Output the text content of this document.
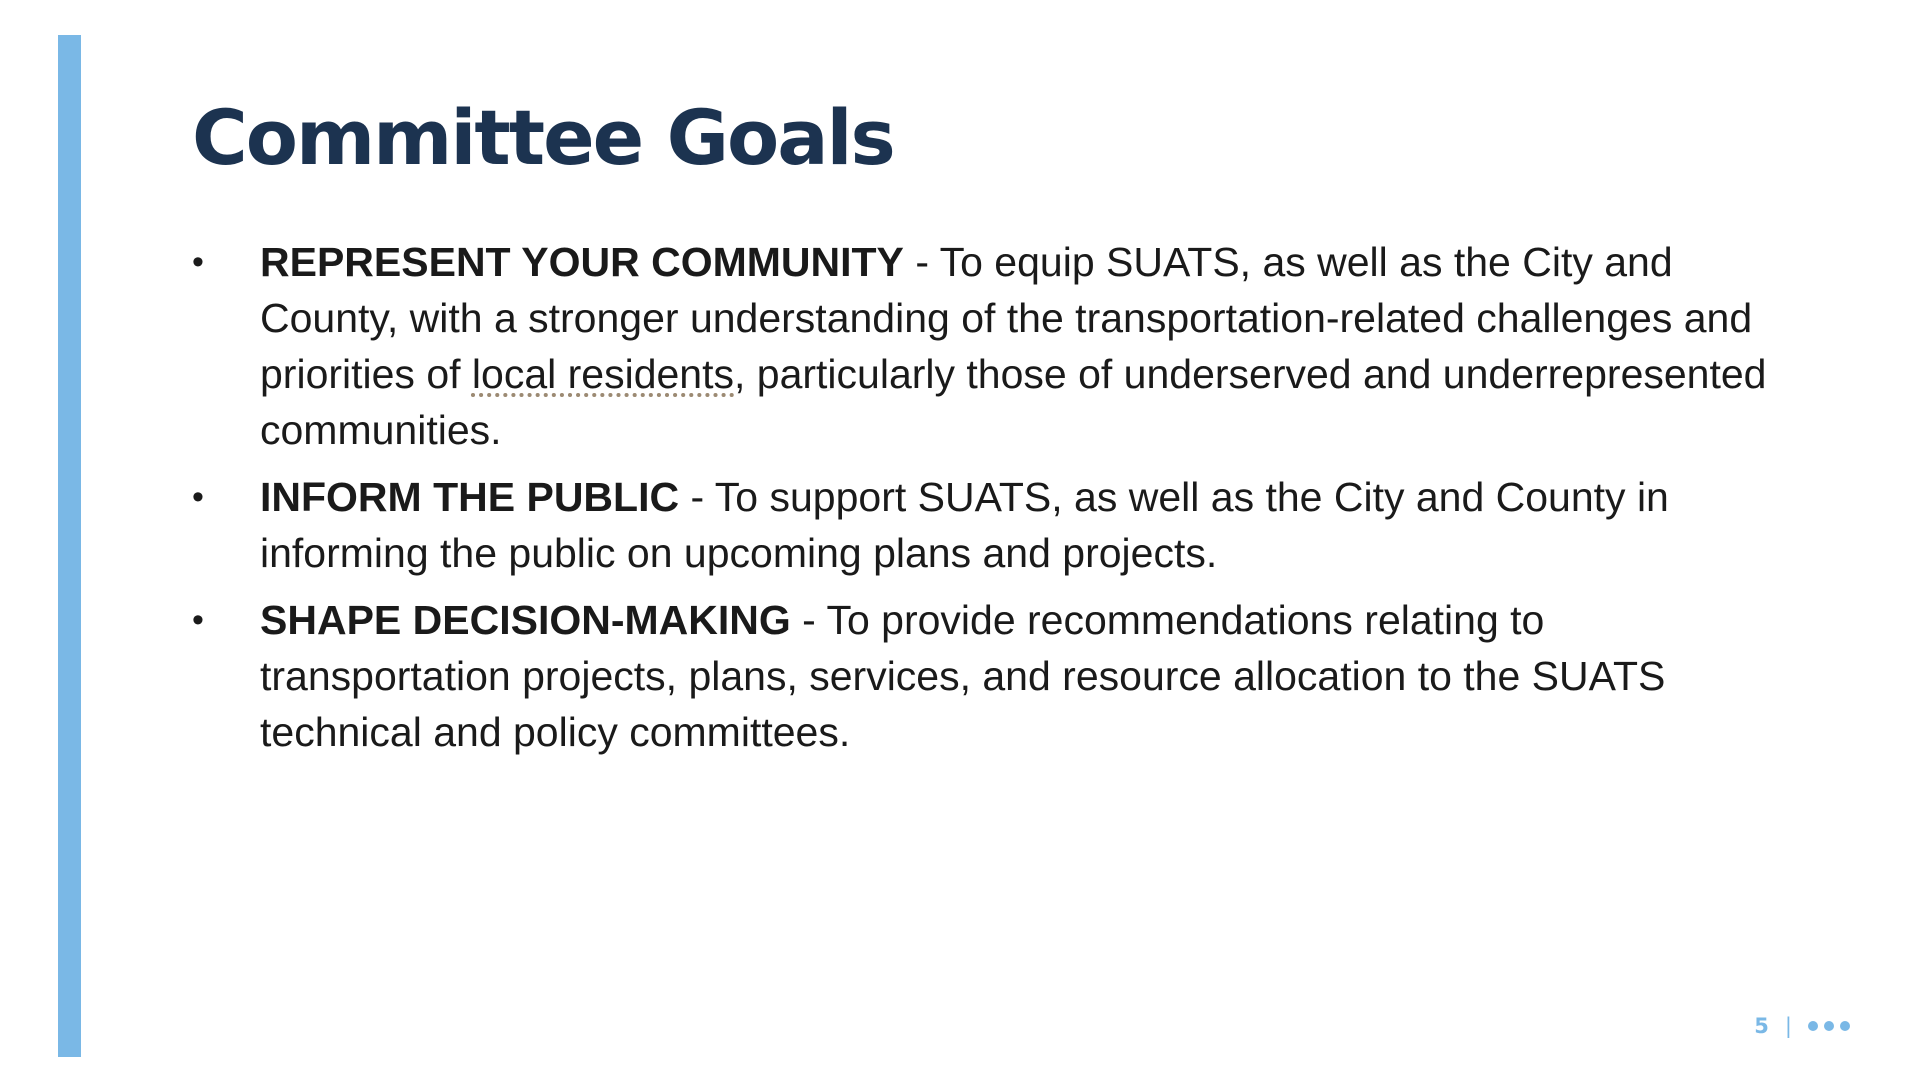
Committee Goals
•	REPRESENT YOUR COMMUNITY - To equip SUATS, as well as the City and County, with a stronger understanding of the transportation-related challenges and priorities of local residents, particularly those of underserved and underrepresented communities.
•	INFORM THE PUBLIC - To support SUATS, as well as the City and County in informing the public on upcoming plans and projects.
•	SHAPE DECISION-MAKING - To provide recommendations relating to transportation projects, plans, services, and resource allocation to the SUATS technical and policy committees.
5 |
